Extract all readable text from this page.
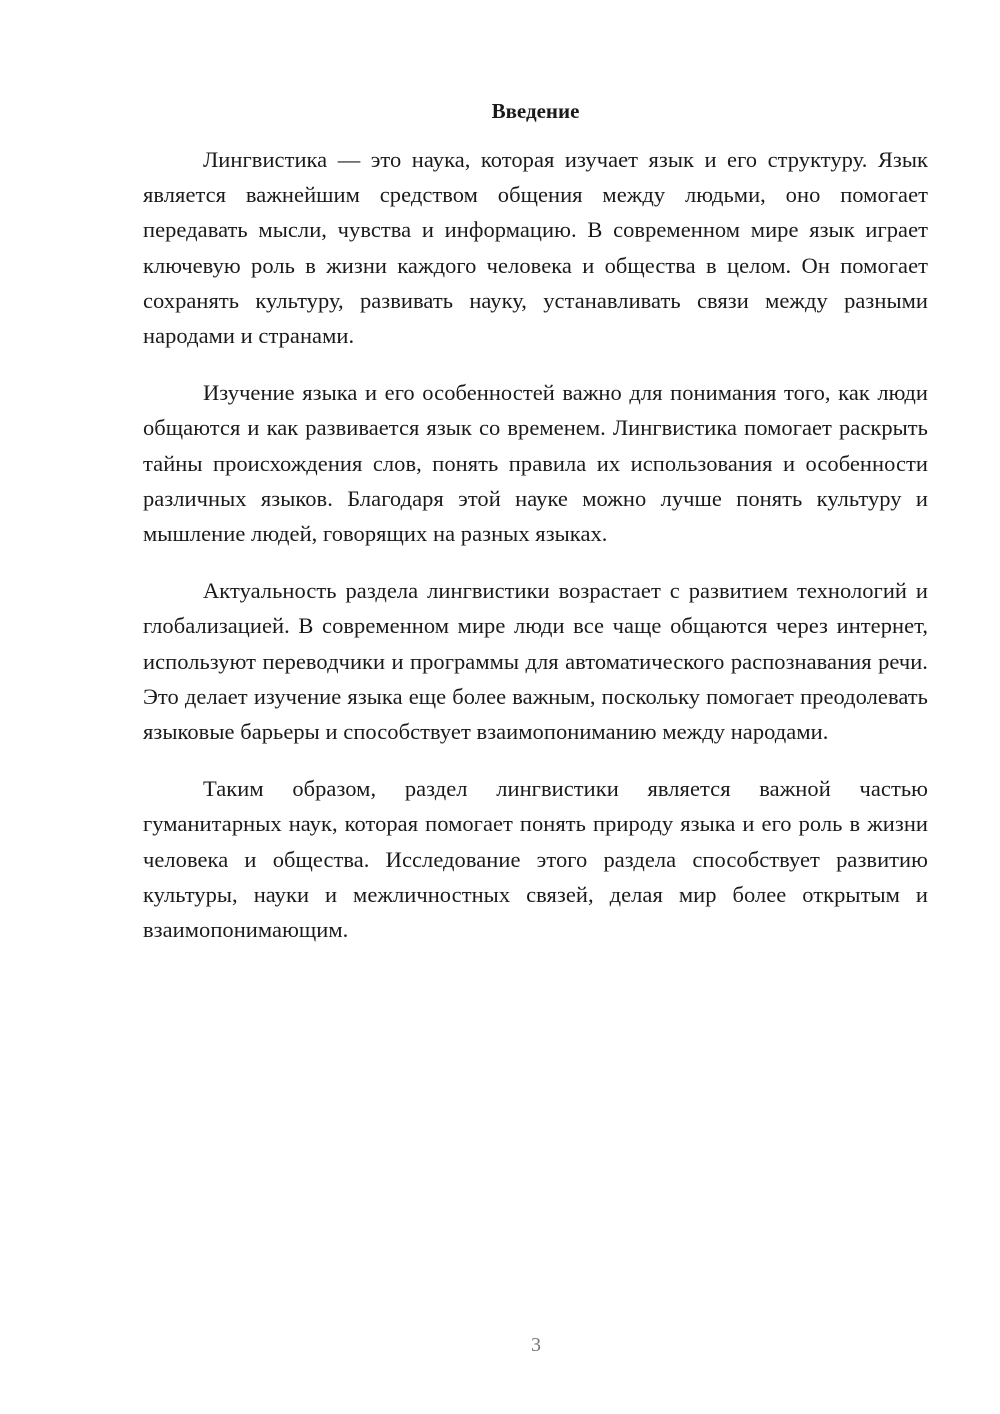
Введение

Лингвистика — это наука, которая изучает язык и его структуру. Язык является важнейшим средством общения между людьми, оно помогает передавать мысли, чувства и информацию. В современном мире язык играет ключевую роль в жизни каждого человека и общества в целом. Он помогает сохранять культуру, развивать науку, устанавливать связи между разными народами и странами.

Изучение языка и его особенностей важно для понимания того, как люди общаются и как развивается язык со временем. Лингвистика помогает раскрыть тайны происхождения слов, понять правила их использования и особенности различных языков. Благодаря этой науке можно лучше понять культуру и мышление людей, говорящих на разных языках.

Актуальность раздела лингвистики возрастает с развитием технологий и глобализацией. В современном мире люди все чаще общаются через интернет, используют переводчики и программы для автоматического распознавания речи. Это делает изучение языка еще более важным, поскольку помогает преодолевать языковые барьеры и способствует взаимопониманию между народами.

Таким образом, раздел лингвистики является важной частью гуманитарных наук, которая помогает понять природу языка и его роль в жизни человека и общества. Исследование этого раздела способствует развитию культуры, науки и межличностных связей, делая мир более открытым и взаимопонимающим.

3
